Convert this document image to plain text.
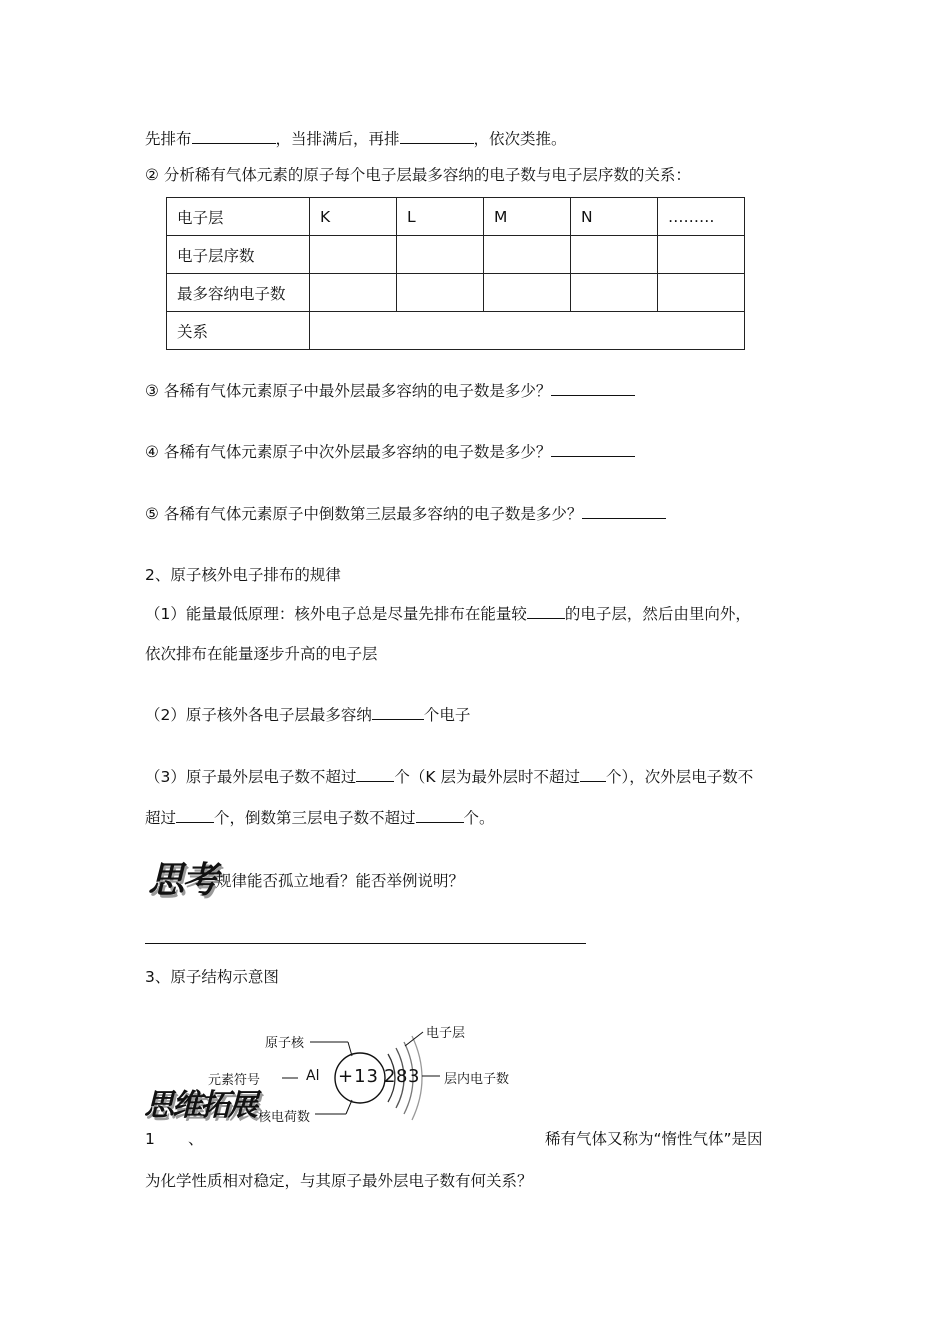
先排布	，当排满后，再排	，依次类推。
② 分析稀有气体元素的原子每个电子层最多容纳的电子数与电子层序数的关系：
电子层	K	L	M	N	………
电子层序数					
最多容纳电子数					
关系					
③ 各稀有气体元素原子中最外层最多容纳的电子数是多少？
④ 各稀有气体元素原子中次外层最多容纳的电子数是多少？
⑤ 各稀有气体元素原子中倒数第三层最多容纳的电子数是多少？
2、原子核外电子排布的规律
（1）能量最低原理：核外电子总是尽量先排布在能量较 的电子层，然后由里向外，
依次排布在能量逐步升高的电子层
（2）原子核外各电子层最多容纳	个电子
（3）原子最外层电子数不超过 个（K 层为最外层时不超过 个），次外层电子数不
超过 个，倒数第三层电子数不超过	个。
思考 规律能否孤立地看？能否举例说明？
3、原子结构示意图
原子核
电子层
元素符号	Al +13 2 8 3 层内电子数
核电荷数
思维拓展
1 、	稀有气体又称为“惰性气体”是因
为化学性质相对稳定，与其原子最外层电子数有何关系？
